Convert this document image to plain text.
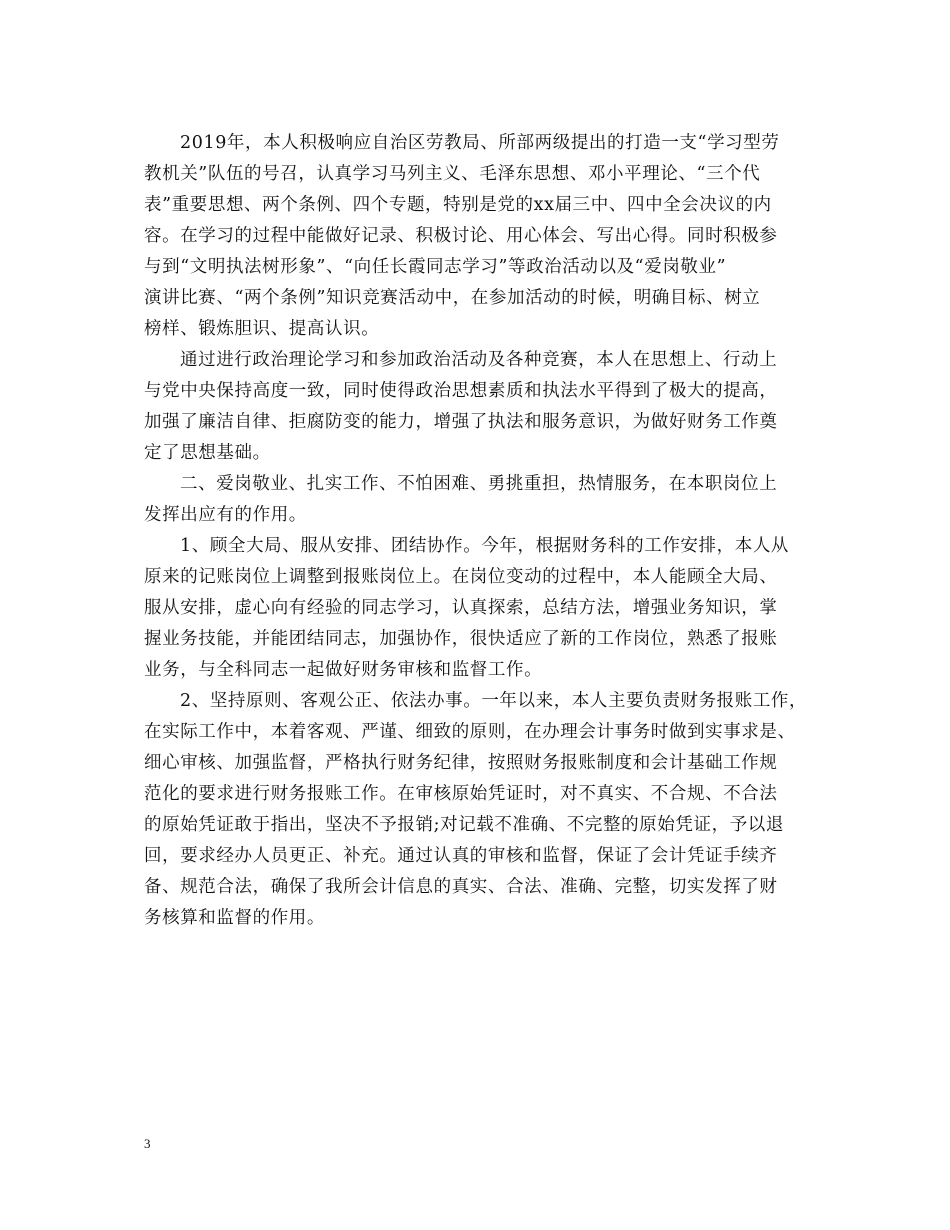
2019年，本人积极响应自治区劳教局、所部两级提出的打造一支“学习型劳
教机关”队伍的号召，认真学习马列主义、毛泽东思想、邓小平理论、“三个代
表”重要思想、两个条例、四个专题，特别是党的xx届三中、四中全会决议的内
容。在学习的过程中能做好记录、积极讨论、用心体会、写出心得。同时积极参
与到“文明执法树形象”、“向任长霞同志学习”等政治活动以及“爱岗敬业”
演讲比赛、“两个条例”知识竞赛活动中，在参加活动的时候，明确目标、树立
榜样、锻炼胆识、提高认识。
通过进行政治理论学习和参加政治活动及各种竞赛，本人在思想上、行动上
与党中央保持高度一致，同时使得政治思想素质和执法水平得到了极大的提高，
加强了廉洁自律、拒腐防变的能力，增强了执法和服务意识，为做好财务工作奠
定了思想基础。
二、爱岗敬业、扎实工作、不怕困难、勇挑重担，热情服务，在本职岗位上
发挥出应有的作用。
1、顾全大局、服从安排、团结协作。今年，根据财务科的工作安排，本人从
原来的记账岗位上调整到报账岗位上。在岗位变动的过程中，本人能顾全大局、
服从安排，虚心向有经验的同志学习，认真探索，总结方法，增强业务知识，掌
握业务技能，并能团结同志，加强协作，很快适应了新的工作岗位，熟悉了报账
业务，与全科同志一起做好财务审核和监督工作。
2、坚持原则、客观公正、依法办事。一年以来，本人主要负责财务报账工作，
在实际工作中，本着客观、严谨、细致的原则，在办理会计事务时做到实事求是、
细心审核、加强监督，严格执行财务纪律，按照财务报账制度和会计基础工作规
范化的要求进行财务报账工作。在审核原始凭证时，对不真实、不合规、不合法
的原始凭证敢于指出，坚决不予报销;对记载不准确、不完整的原始凭证，予以退
回，要求经办人员更正、补充。通过认真的审核和监督，保证了会计凭证手续齐
备、规范合法，确保了我所会计信息的真实、合法、准确、完整，切实发挥了财
务核算和监督的作用。
3
